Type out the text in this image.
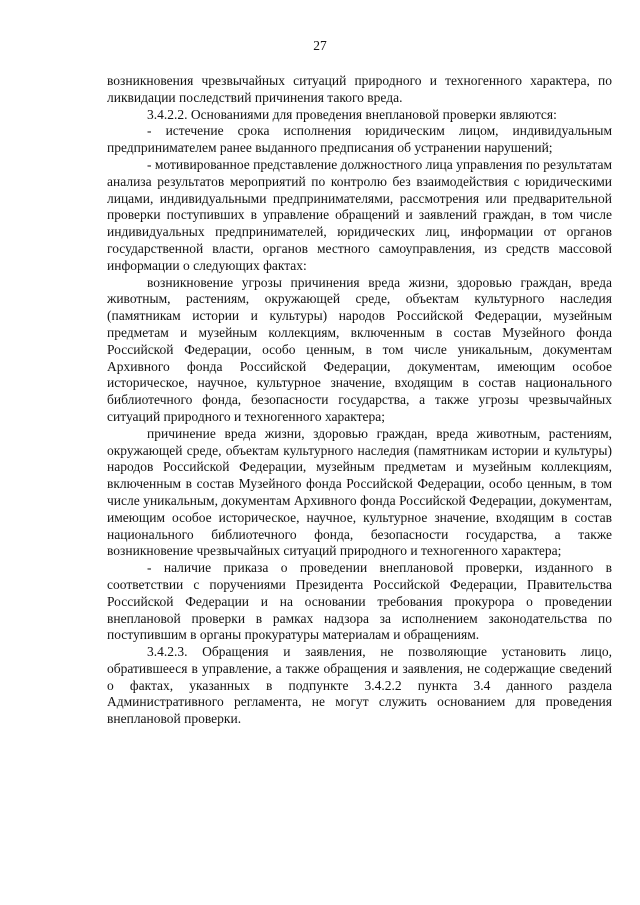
27

возникновения чрезвычайных ситуаций природного и техногенного характера, по ликвидации последствий причинения такого вреда.

3.4.2.2. Основаниями для проведения внеплановой проверки являются:

- истечение срока исполнения юридическим лицом, индивидуальным предпринимателем ранее выданного предписания об устранении нарушений;

- мотивированное представление должностного лица управления по результатам анализа результатов мероприятий по контролю без взаимодействия с юридическими лицами, индивидуальными предпринимателями, рассмотрения или предварительной проверки поступивших в управление обращений и заявлений граждан, в том числе индивидуальных предпринимателей, юридических лиц, информации от органов государственной власти, органов местного самоуправления, из средств массовой информации о следующих фактах:

возникновение угрозы причинения вреда жизни, здоровью граждан, вреда животным, растениям, окружающей среде, объектам культурного наследия (памятникам истории и культуры) народов Российской Федерации, музейным предметам и музейным коллекциям, включенным в состав Музейного фонда Российской Федерации, особо ценным, в том числе уникальным, документам Архивного фонда Российской Федерации, документам, имеющим особое историческое, научное, культурное значение, входящим в состав национального библиотечного фонда, безопасности государства, а также угрозы чрезвычайных ситуаций природного и техногенного характера;

причинение вреда жизни, здоровью граждан, вреда животным, растениям, окружающей среде, объектам культурного наследия (памятникам истории и культуры) народов Российской Федерации, музейным предметам и музейным коллекциям, включенным в состав Музейного фонда Российской Федерации, особо ценным, в том числе уникальным, документам Архивного фонда Российской Федерации, документам, имеющим особое историческое, научное, культурное значение, входящим в состав национального библиотечного фонда, безопасности государства, а также возникновение чрезвычайных ситуаций природного и техногенного характера;

- наличие приказа о проведении внеплановой проверки, изданного в соответствии с поручениями Президента Российской Федерации, Правительства Российской Федерации и на основании требования прокурора о проведении внеплановой проверки в рамках надзора за исполнением законодательства по поступившим в органы прокуратуры материалам и обращениям.

3.4.2.3. Обращения и заявления, не позволяющие установить лицо, обратившееся в управление, а также обращения и заявления, не содержащие сведений о фактах, указанных в подпункте 3.4.2.2 пункта 3.4 данного раздела Административного регламента, не могут служить основанием для проведения внеплановой проверки.
